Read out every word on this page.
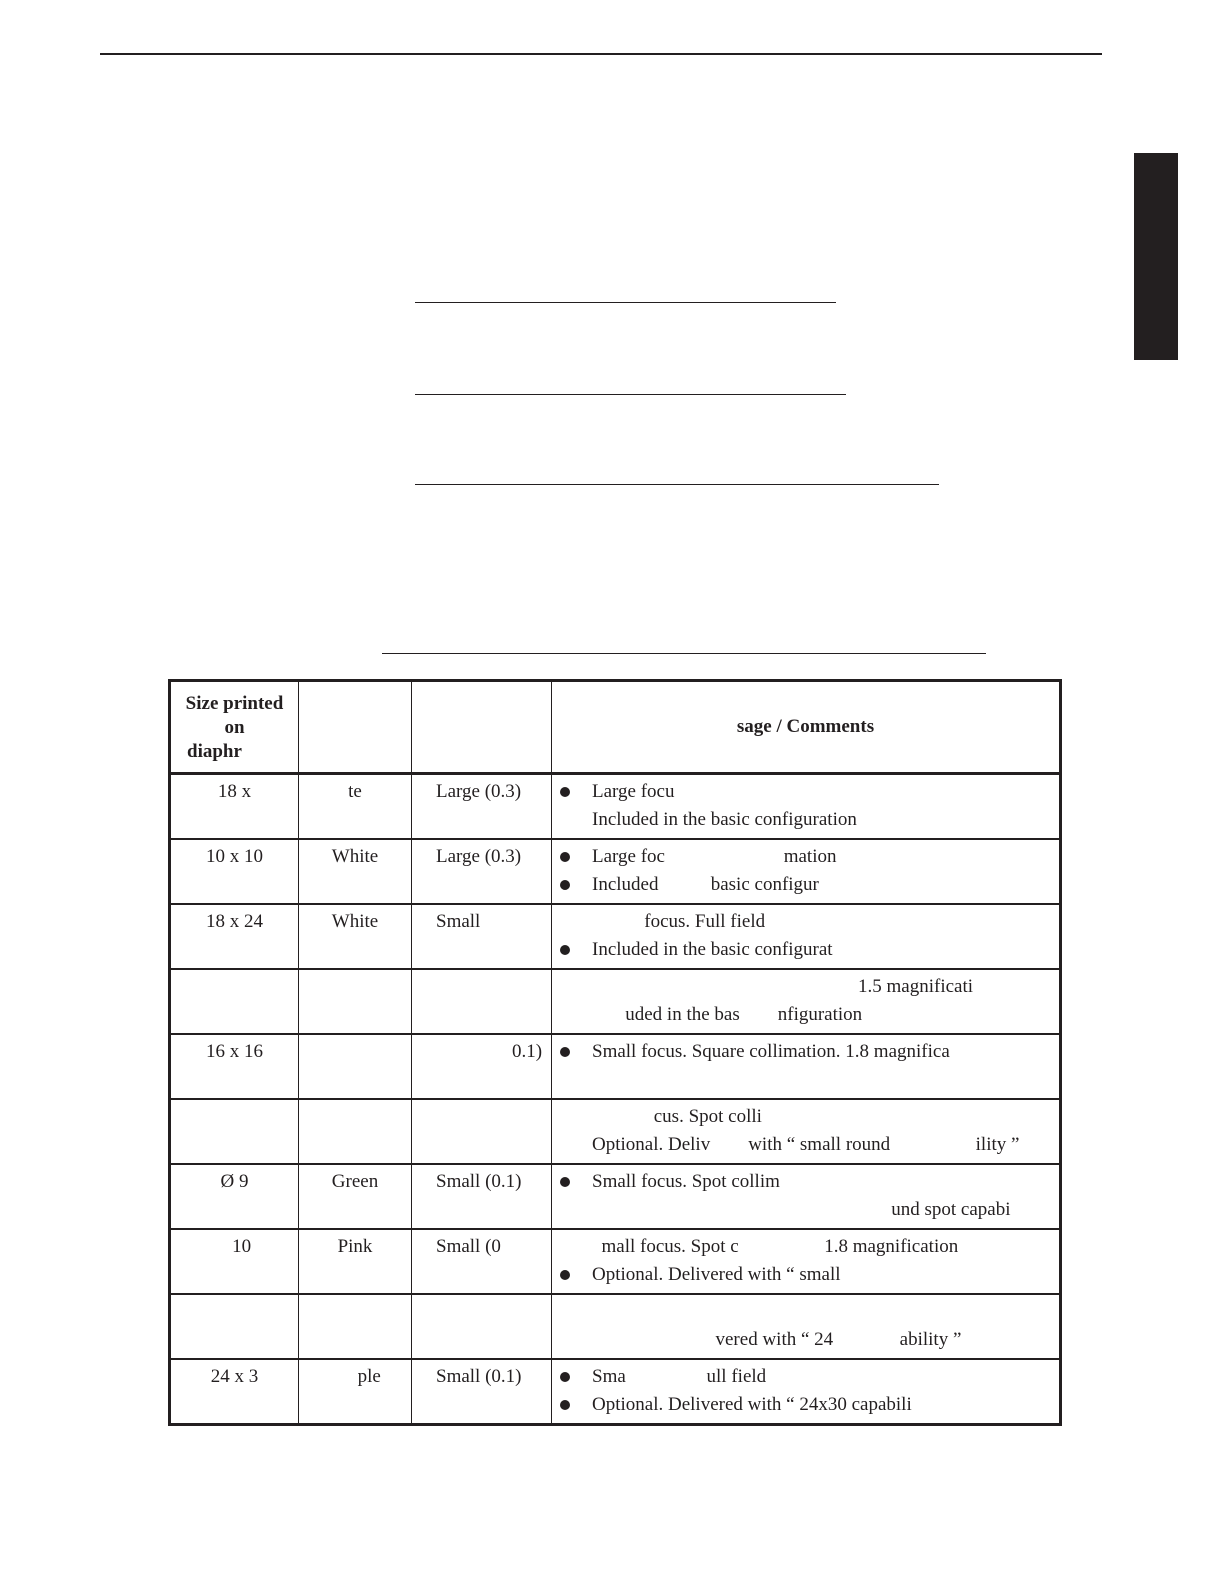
Size printed
on
diaphr			sage / Comments
18 x	te	Large (0.3)	Large focu
Included in the basic configuration

10 x 10	White	Large (0.3)	Large foc                         mation
Included           basic configur

18 x 24	White	Small	focus. Full field
Included in the basic configurat

			1.5 magnificati
uded in the bas        nfiguration

16 x 16		0.1)	Small focus. Square collimation. 1.8 magnifica

			cus. Spot colli
Optional. Deliv        with “ small round                  ility ”

Ø 9	Green	Small (0.1)	Small focus. Spot collim
und spot capabi

10	Pink	Small (0	mall focus. Spot c                  1.8 magnification
Optional. Delivered with “ small

			vered with “ 24              ability ”

24 x 3	ple	Small (0.1)	Sma                 ull field
Optional. Delivered with “ 24x30 capabili
